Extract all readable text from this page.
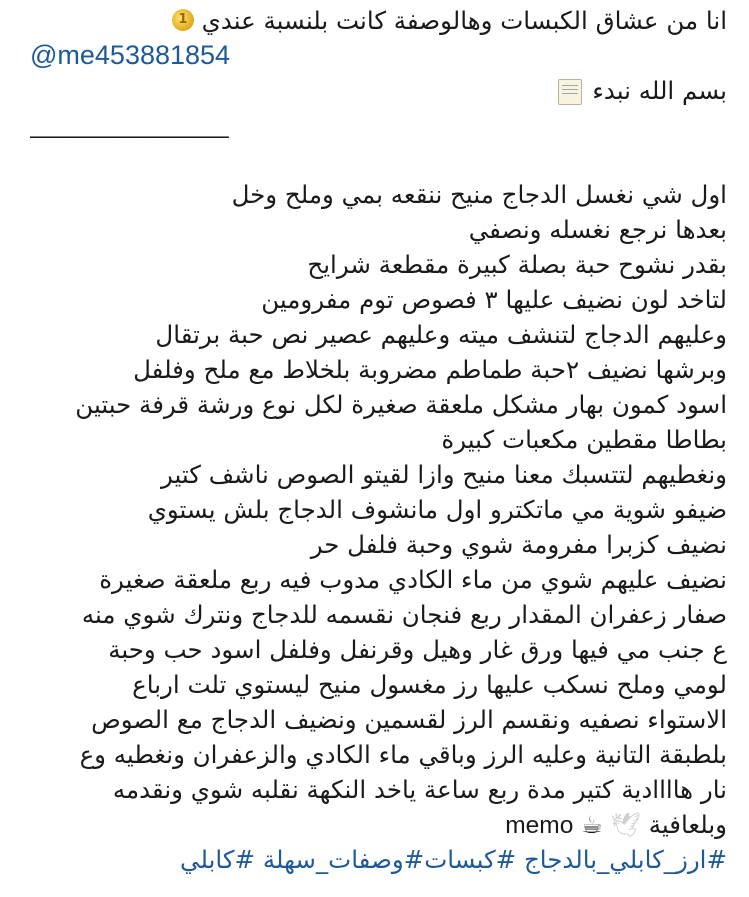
انا من عشاق الكبسات وهالوصفة كانت بلنسبة عندي
1
@me453881854
بسم الله نبدء
________________
اول شي نغسل الدجاج منيح ننقعه بمي وملح وخل
بعدها نرجع نغسله ونصفي
بقدر نشوح حبة بصلة كبيرة مقطعة شرايح
لتاخد لون نضيف عليها ٣ فصوص توم مفرومين
وعليهم الدجاج لتنشف ميته وعليهم عصير نص حبة برتقال
وبرشها نضيف ٢حبة طماطم مضروبة بلخلاط مع ملح وفلفل
اسود كمون بهار مشكل ملعقة صغيرة لكل نوع ورشة قرفة حبتين
بطاطا مقطين مكعبات كبيرة
ونغطيهم لتتسبك معنا منيح وازا لقيتو الصوص ناشف كتير
ضيفو شوية مي ماتكترو اول مانشوف الدجاج بلش يستوي
نضيف كزبرا مفرومة شوي وحبة فلفل حر
نضيف عليهم شوي من ماء الكادي مدوب فيه ربع ملعقة صغيرة
صفار زعفران المقدار ربع فنجان نقسمه للدجاج ونترك شوي منه
ع جنب مي فيها ورق غار وهيل وقرنفل وفلفل اسود حب وحبة
لومي وملح نسكب عليها رز مغسول منيح ليستوي تلت ارباع
الاستواء نصفيه ونقسم الرز لقسمين ونضيف الدجاج مع الصوص
بلطبقة التانية وعليه الرز وباقي ماء الكادي والزعفران ونغطيه وع
نار هاااادية كتير مدة ربع ساعة ياخد النكهة نقلبه شوي ونقدمه
وبلعافية 🕊 ☕ memo
#ارز_كابلي_بالدجاج #كبسات#وصفات_سهلة #كابلي
